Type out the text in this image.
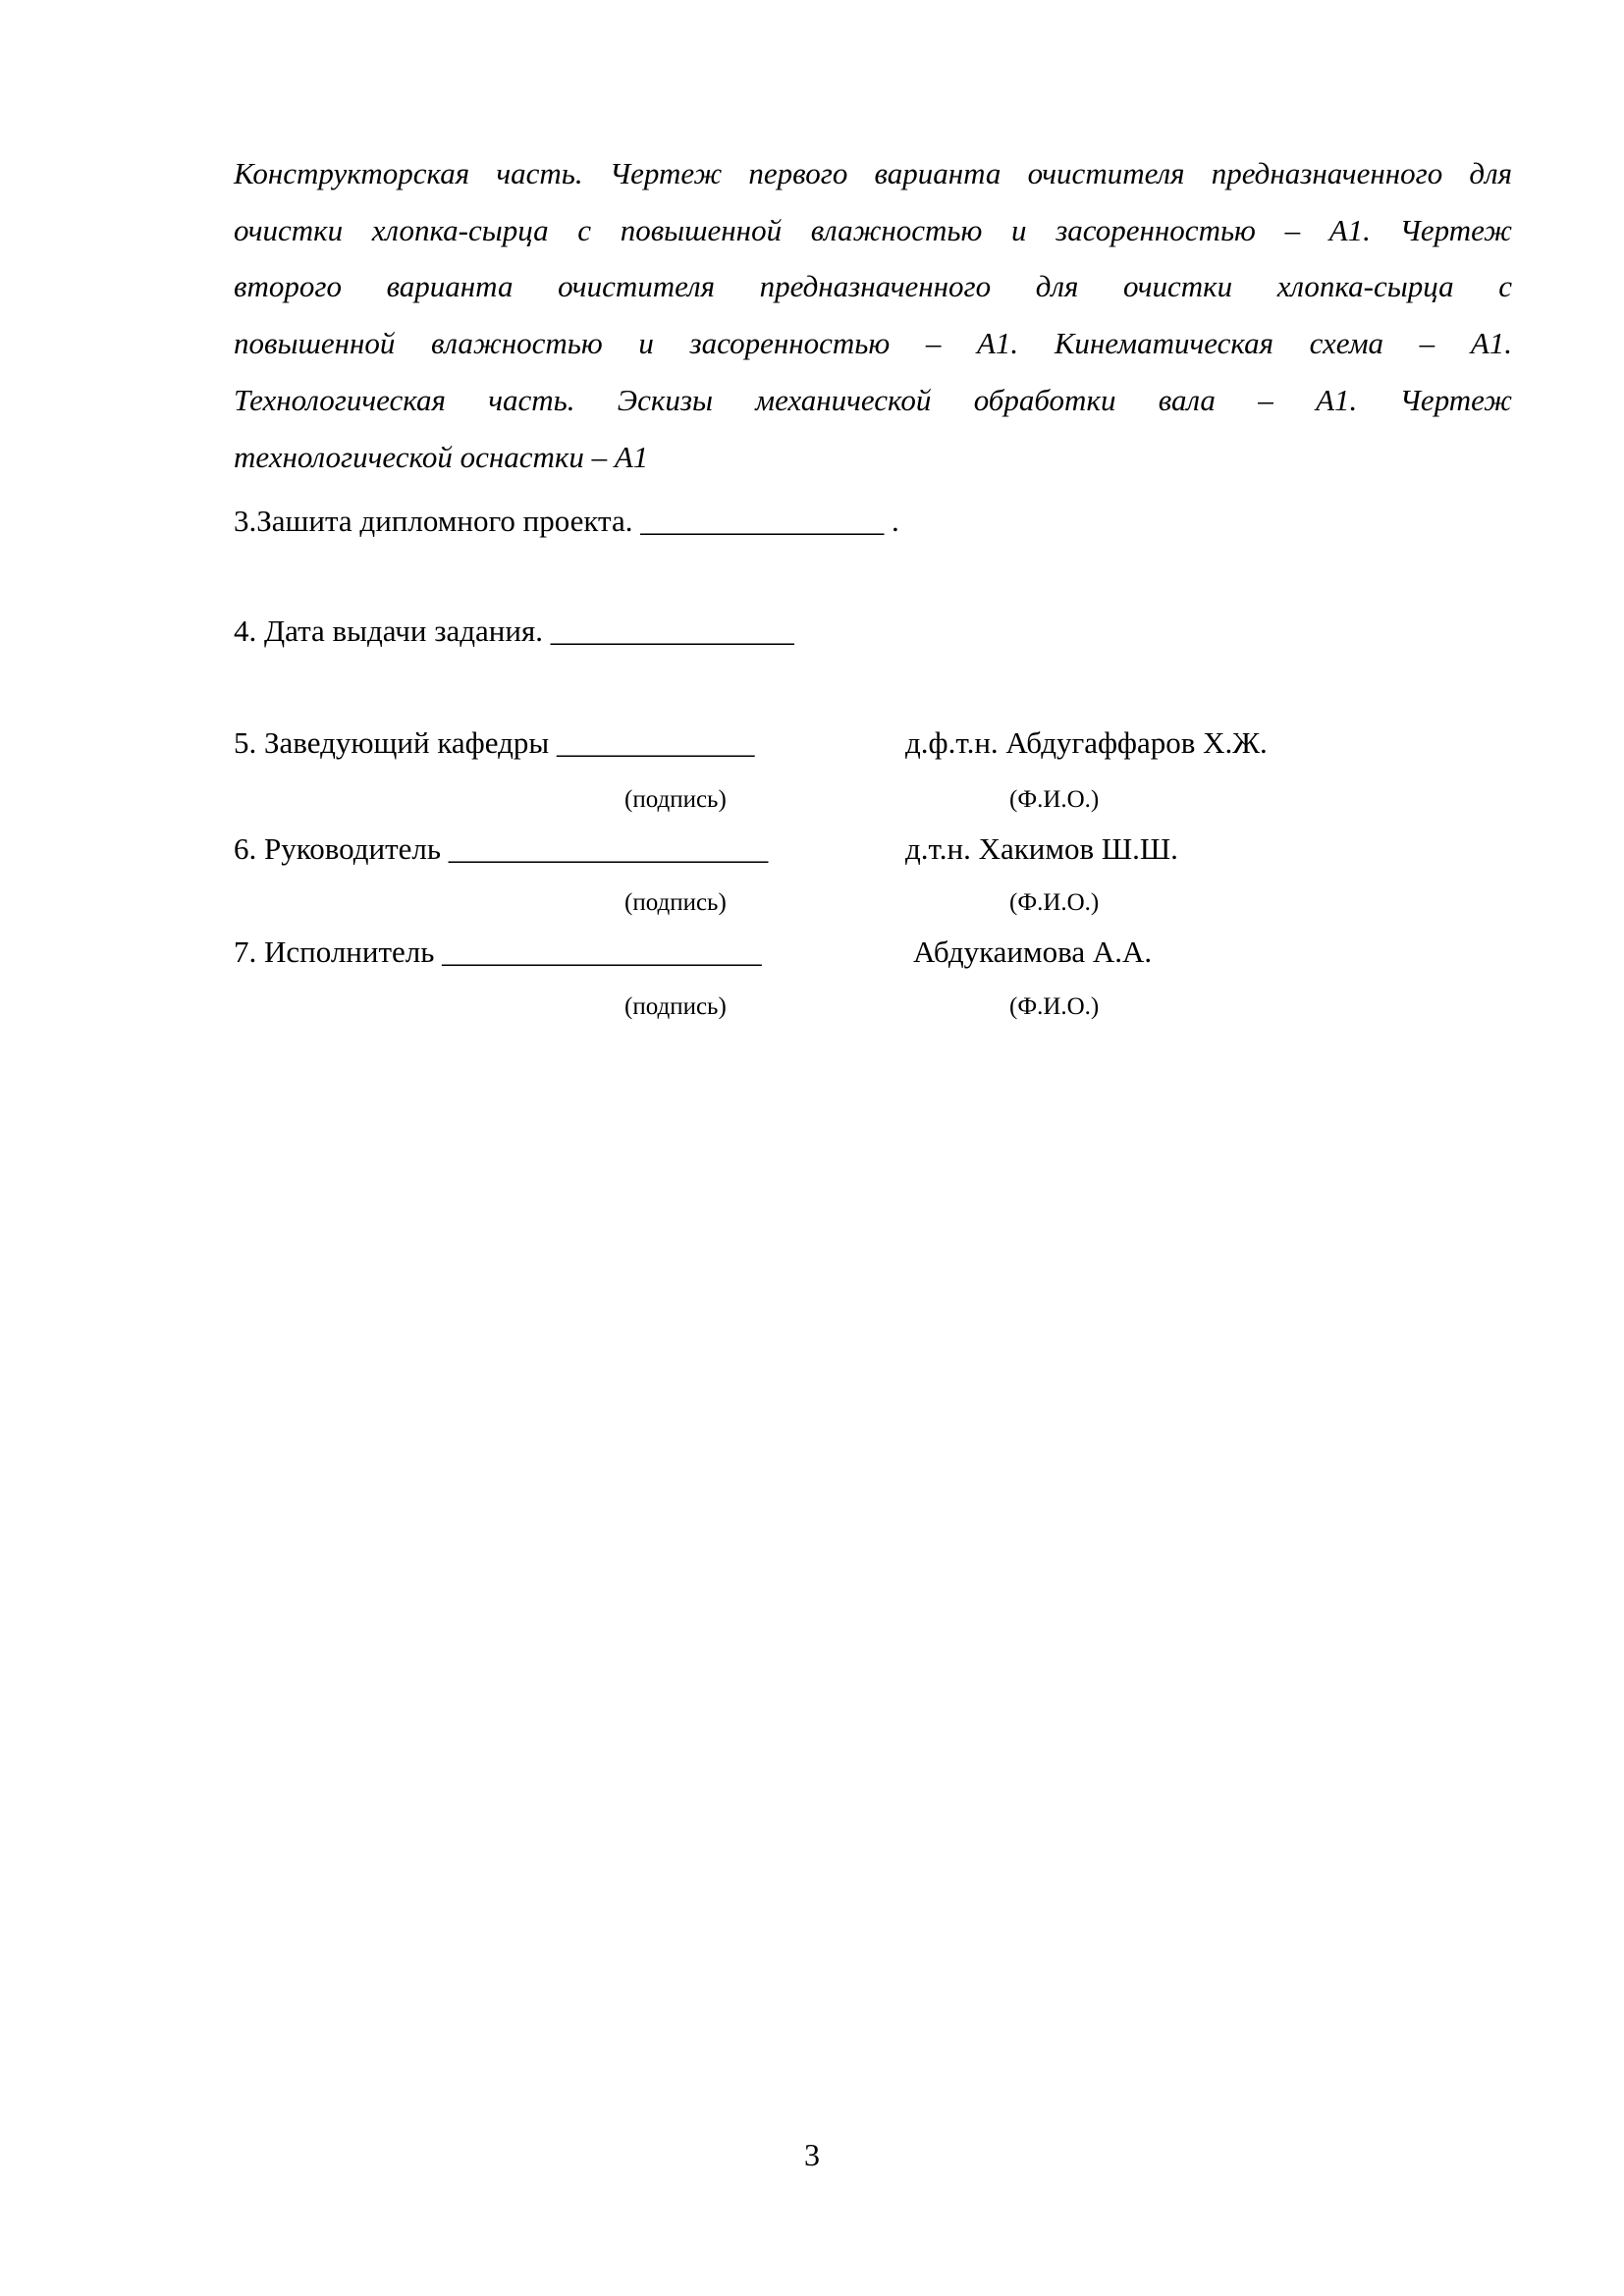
Конструкторская часть. Чертеж первого варианта очистителя предназначенного для
очистки хлопка-сырца с повышенной влажностью и засоренностью – А1. Чертеж
второго варианта очистителя предназначенного для очистки хлопка-сырца с
повышенной влажностью и засоренностью – А1. Кинематическая схема – А1.
Технологическая часть. Эскизы механической обработки вала – А1. Чертеж
технологической оснастки – А1
3.Зашита дипломного проекта. ________________ .
4. Дата выдачи задания. ________________
5. Заведующий кафедры _____________	д.ф.т.н. Абдугаффаров Х.Ж.
(подпись)	(Ф.И.О.)
6. Руководитель _____________________	д.т.н. Хакимов Ш.Ш.
(подпись)	(Ф.И.О.)
7. Исполнитель _____________________	Абдукаимова А.А.
(подпись)	(Ф.И.О.)
3
